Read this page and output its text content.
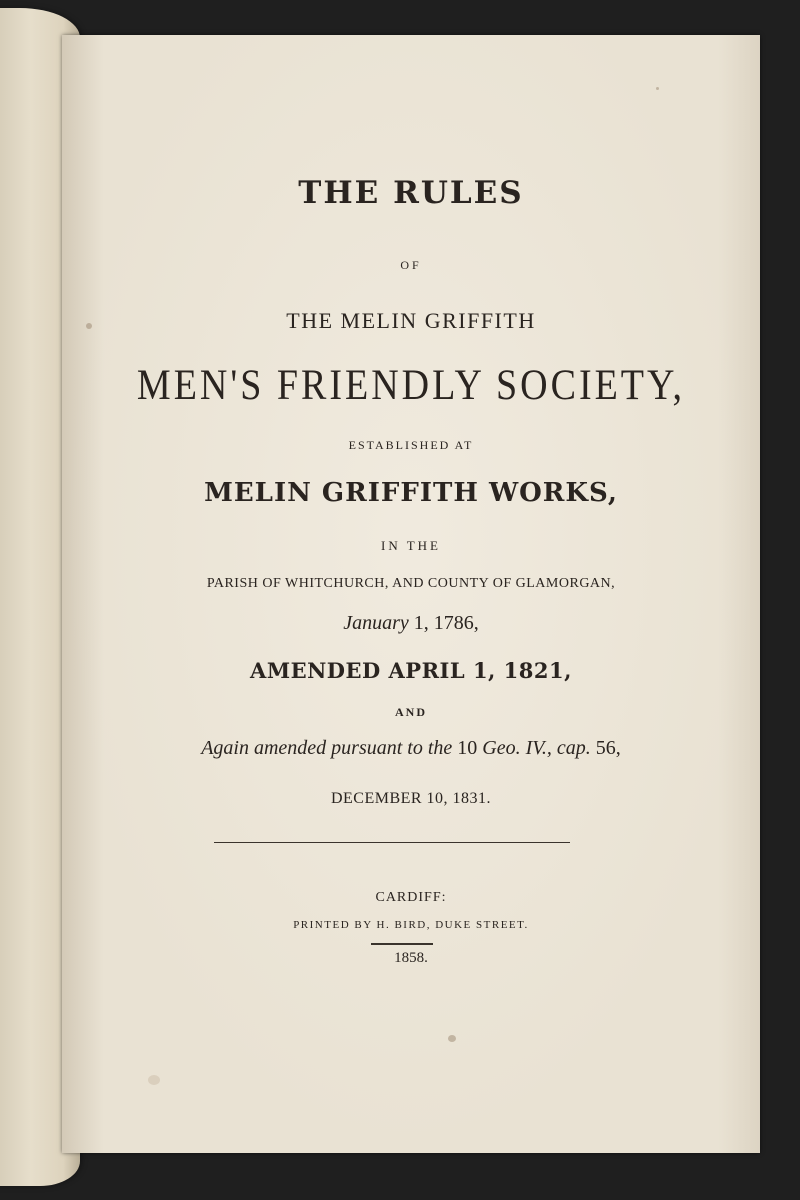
THE RULES
OF
THE MELIN GRIFFITH
MEN'S FRIENDLY SOCIETY,
ESTABLISHED AT
MELIN GRIFFITH WORKS,
IN THE
PARISH OF WHITCHURCH, AND COUNTY OF GLAMORGAN,
January 1, 1786,
AMENDED APRIL 1, 1821,
AND
Again amended pursuant to the 10 Geo. IV., cap. 56,
DECEMBER 10, 1831.
CARDIFF:
PRINTED BY H. BIRD, DUKE STREET.
1858.
